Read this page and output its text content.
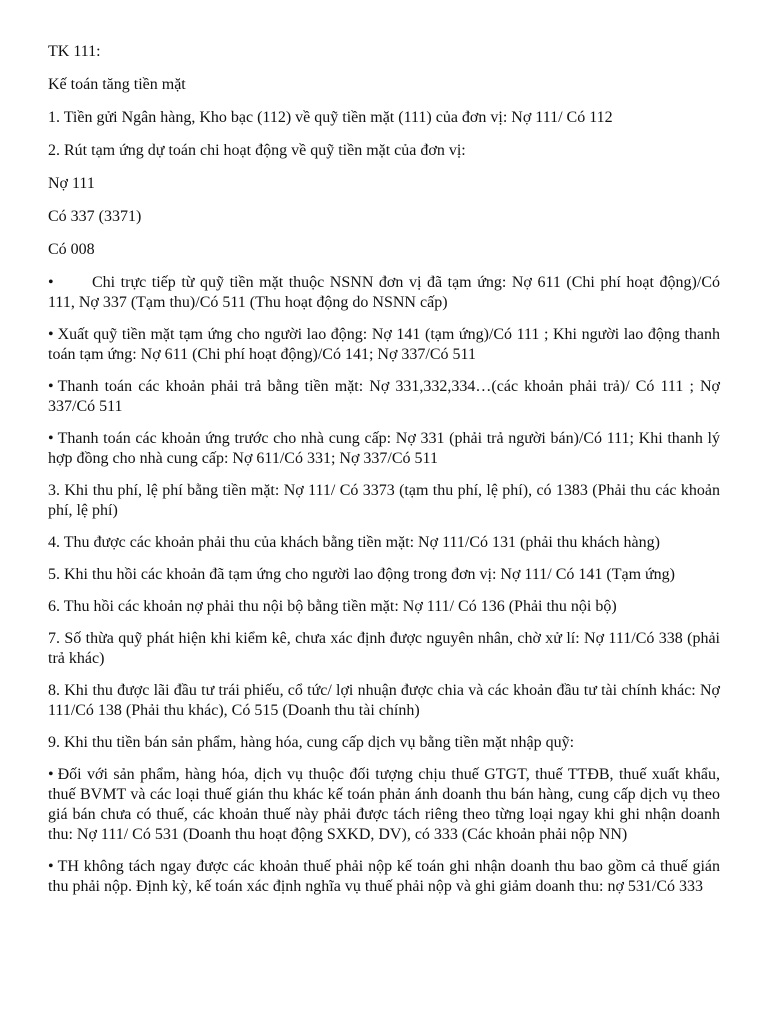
TK 111:

Kế toán tăng tiền mặt

1. Tiền gửi Ngân hàng, Kho bạc (112) về quỹ tiền mặt (111) của đơn vị: Nợ 111/ Có 112

2. Rút tạm ứng dự toán chi hoạt động về quỹ tiền mặt của đơn vị:

Nợ 111

Có 337 (3371)

Có 008

• Chi trực tiếp từ quỹ tiền mặt thuộc NSNN đơn vị đã tạm ứng: Nợ 611 (Chi phí hoạt động)/Có 111, Nợ 337 (Tạm thu)/Có 511 (Thu hoạt động do NSNN cấp)

• Xuất quỹ tiền mặt tạm ứng cho người lao động: Nợ 141 (tạm ứng)/Có 111 ; Khi người lao động thanh toán tạm ứng: Nợ 611 (Chi phí hoạt động)/Có 141; Nợ 337/Có 511

• Thanh toán các khoản phải trả bằng tiền mặt: Nợ 331,332,334…(các khoản phải trả)/ Có 111 ; Nợ 337/Có 511

• Thanh toán các khoản ứng trước cho nhà cung cấp: Nợ 331 (phải trả người bán)/Có 111; Khi thanh lý hợp đồng cho nhà cung cấp: Nợ 611/Có 331; Nợ 337/Có 511

3. Khi thu phí, lệ phí bằng tiền mặt: Nợ 111/ Có 3373 (tạm thu phí, lệ phí), có 1383 (Phải thu các khoản phí, lệ phí)

4. Thu được các khoản phải thu của khách bằng tiền mặt: Nợ 111/Có 131 (phải thu khách hàng)

5. Khi thu hồi các khoản đã tạm ứng cho người lao động trong đơn vị: Nợ 111/ Có 141 (Tạm ứng)

6. Thu hồi các khoản nợ phải thu nội bộ bằng tiền mặt: Nợ 111/ Có 136 (Phải thu nội bộ)

7. Số thừa quỹ phát hiện khi kiểm kê, chưa xác định được nguyên nhân, chờ xử lí: Nợ 111/Có 338 (phải trả khác)

8. Khi thu được lãi đầu tư trái phiếu, cổ tức/ lợi nhuận được chia và các khoản đầu tư tài chính khác: Nợ 111/Có 138 (Phải thu khác), Có 515 (Doanh thu tài chính)

9. Khi thu tiền bán sản phẩm, hàng hóa, cung cấp dịch vụ bằng tiền mặt nhập quỹ:

• Đối với sản phẩm, hàng hóa, dịch vụ thuộc đối tượng chịu thuế GTGT, thuế TTĐB, thuế xuất khẩu, thuế BVMT và các loại thuế gián thu khác kế toán phản ánh doanh thu bán hàng, cung cấp dịch vụ theo giá bán chưa có thuế, các khoản thuế này phải được tách riêng theo từng loại ngay khi ghi nhận doanh thu: Nợ 111/ Có 531 (Doanh thu hoạt động SXKD, DV), có 333 (Các khoản phải nộp NN)

• TH không tách ngay được các khoản thuế phải nộp kế toán ghi nhận doanh thu bao gồm cả thuế gián thu phải nộp. Định kỳ, kế toán xác định nghĩa vụ thuế phải nộp và ghi giảm doanh thu: nợ 531/Có 333
